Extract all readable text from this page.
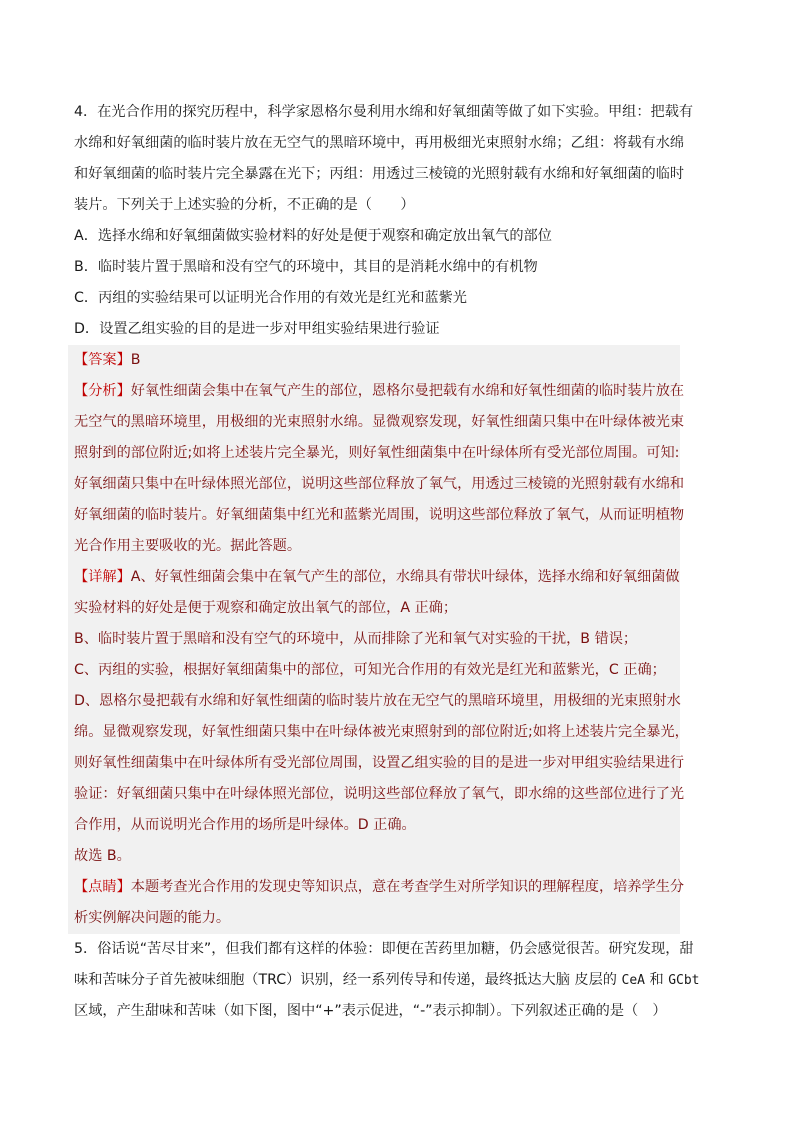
4．在光合作用的探究历程中，科学家恩格尔曼利用水绵和好氧细菌等做了如下实验。甲组：把载有
水绵和好氧细菌的临时装片放在无空气的黑暗环境中，再用极细光束照射水绵；乙组：将载有水绵
和好氧细菌的临时装片完全暴露在光下；丙组：用透过三棱镜的光照射载有水绵和好氧细菌的临时
装片。下列关于上述实验的分析，不正确的是（　　）
A．选择水绵和好氧细菌做实验材料的好处是便于观察和确定放出氧气的部位
B．临时装片置于黑暗和没有空气的环境中，其目的是消耗水绵中的有机物
C．丙组的实验结果可以证明光合作用的有效光是红光和蓝紫光
D．设置乙组实验的目的是进一步对甲组实验结果进行验证
【答案】B
【分析】好氧性细菌会集中在氧气产生的部位，恩格尔曼把载有水绵和好氧性细菌的临时装片放在
无空气的黑暗环境里，用极细的光束照射水绵。显微观察发现，好氧性细菌只集中在叶绿体被光束
照射到的部位附近;如将上述装片完全暴光，则好氧性细菌集中在叶绿体所有受光部位周围。可知:
好氧细菌只集中在叶绿体照光部位，说明这些部位释放了氧气，用透过三棱镜的光照射载有水绵和
好氧细菌的临时装片。好氧细菌集中红光和蓝紫光周围，说明这些部位释放了氧气，从而证明植物
光合作用主要吸收的光。据此答题。
【详解】A、好氧性细菌会集中在氧气产生的部位，水绵具有带状叶绿体，选择水绵和好氧细菌做
实验材料的好处是便于观察和确定放出氧气的部位，A 正确；
B、临时装片置于黑暗和没有空气的环境中，从而排除了光和氧气对实验的干扰，B 错误；
C、丙组的实验，根据好氧细菌集中的部位，可知光合作用的有效光是红光和蓝紫光，C 正确；
D、恩格尔曼把载有水绵和好氧性细菌的临时装片放在无空气的黑暗环境里，用极细的光束照射水
绵。显微观察发现，好氧性细菌只集中在叶绿体被光束照射到的部位附近;如将上述装片完全暴光，
则好氧性细菌集中在叶绿体所有受光部位周围，设置乙组实验的目的是进一步对甲组实验结果进行
验证：好氧细菌只集中在叶绿体照光部位，说明这些部位释放了氧气，即水绵的这些部位进行了光
合作用，从而说明光合作用的场所是叶绿体。D 正确。
故选 B。
【点睛】本题考查光合作用的发现史等知识点，意在考查学生对所学知识的理解程度，培养学生分
析实例解决问题的能力。
5．俗话说“苦尽甘来”，但我们都有这样的体验：即便在苦药里加糖，仍会感觉很苦。研究发现，甜
味和苦味分子首先被味细胞（TRC）识别，经一系列传导和传递，最终抵达大脑 皮层的 CeA 和 GCbt
区域，产生甜味和苦味（如下图，图中“+”表示促进，“-”表示抑制）。下列叙述正确的是（　）
